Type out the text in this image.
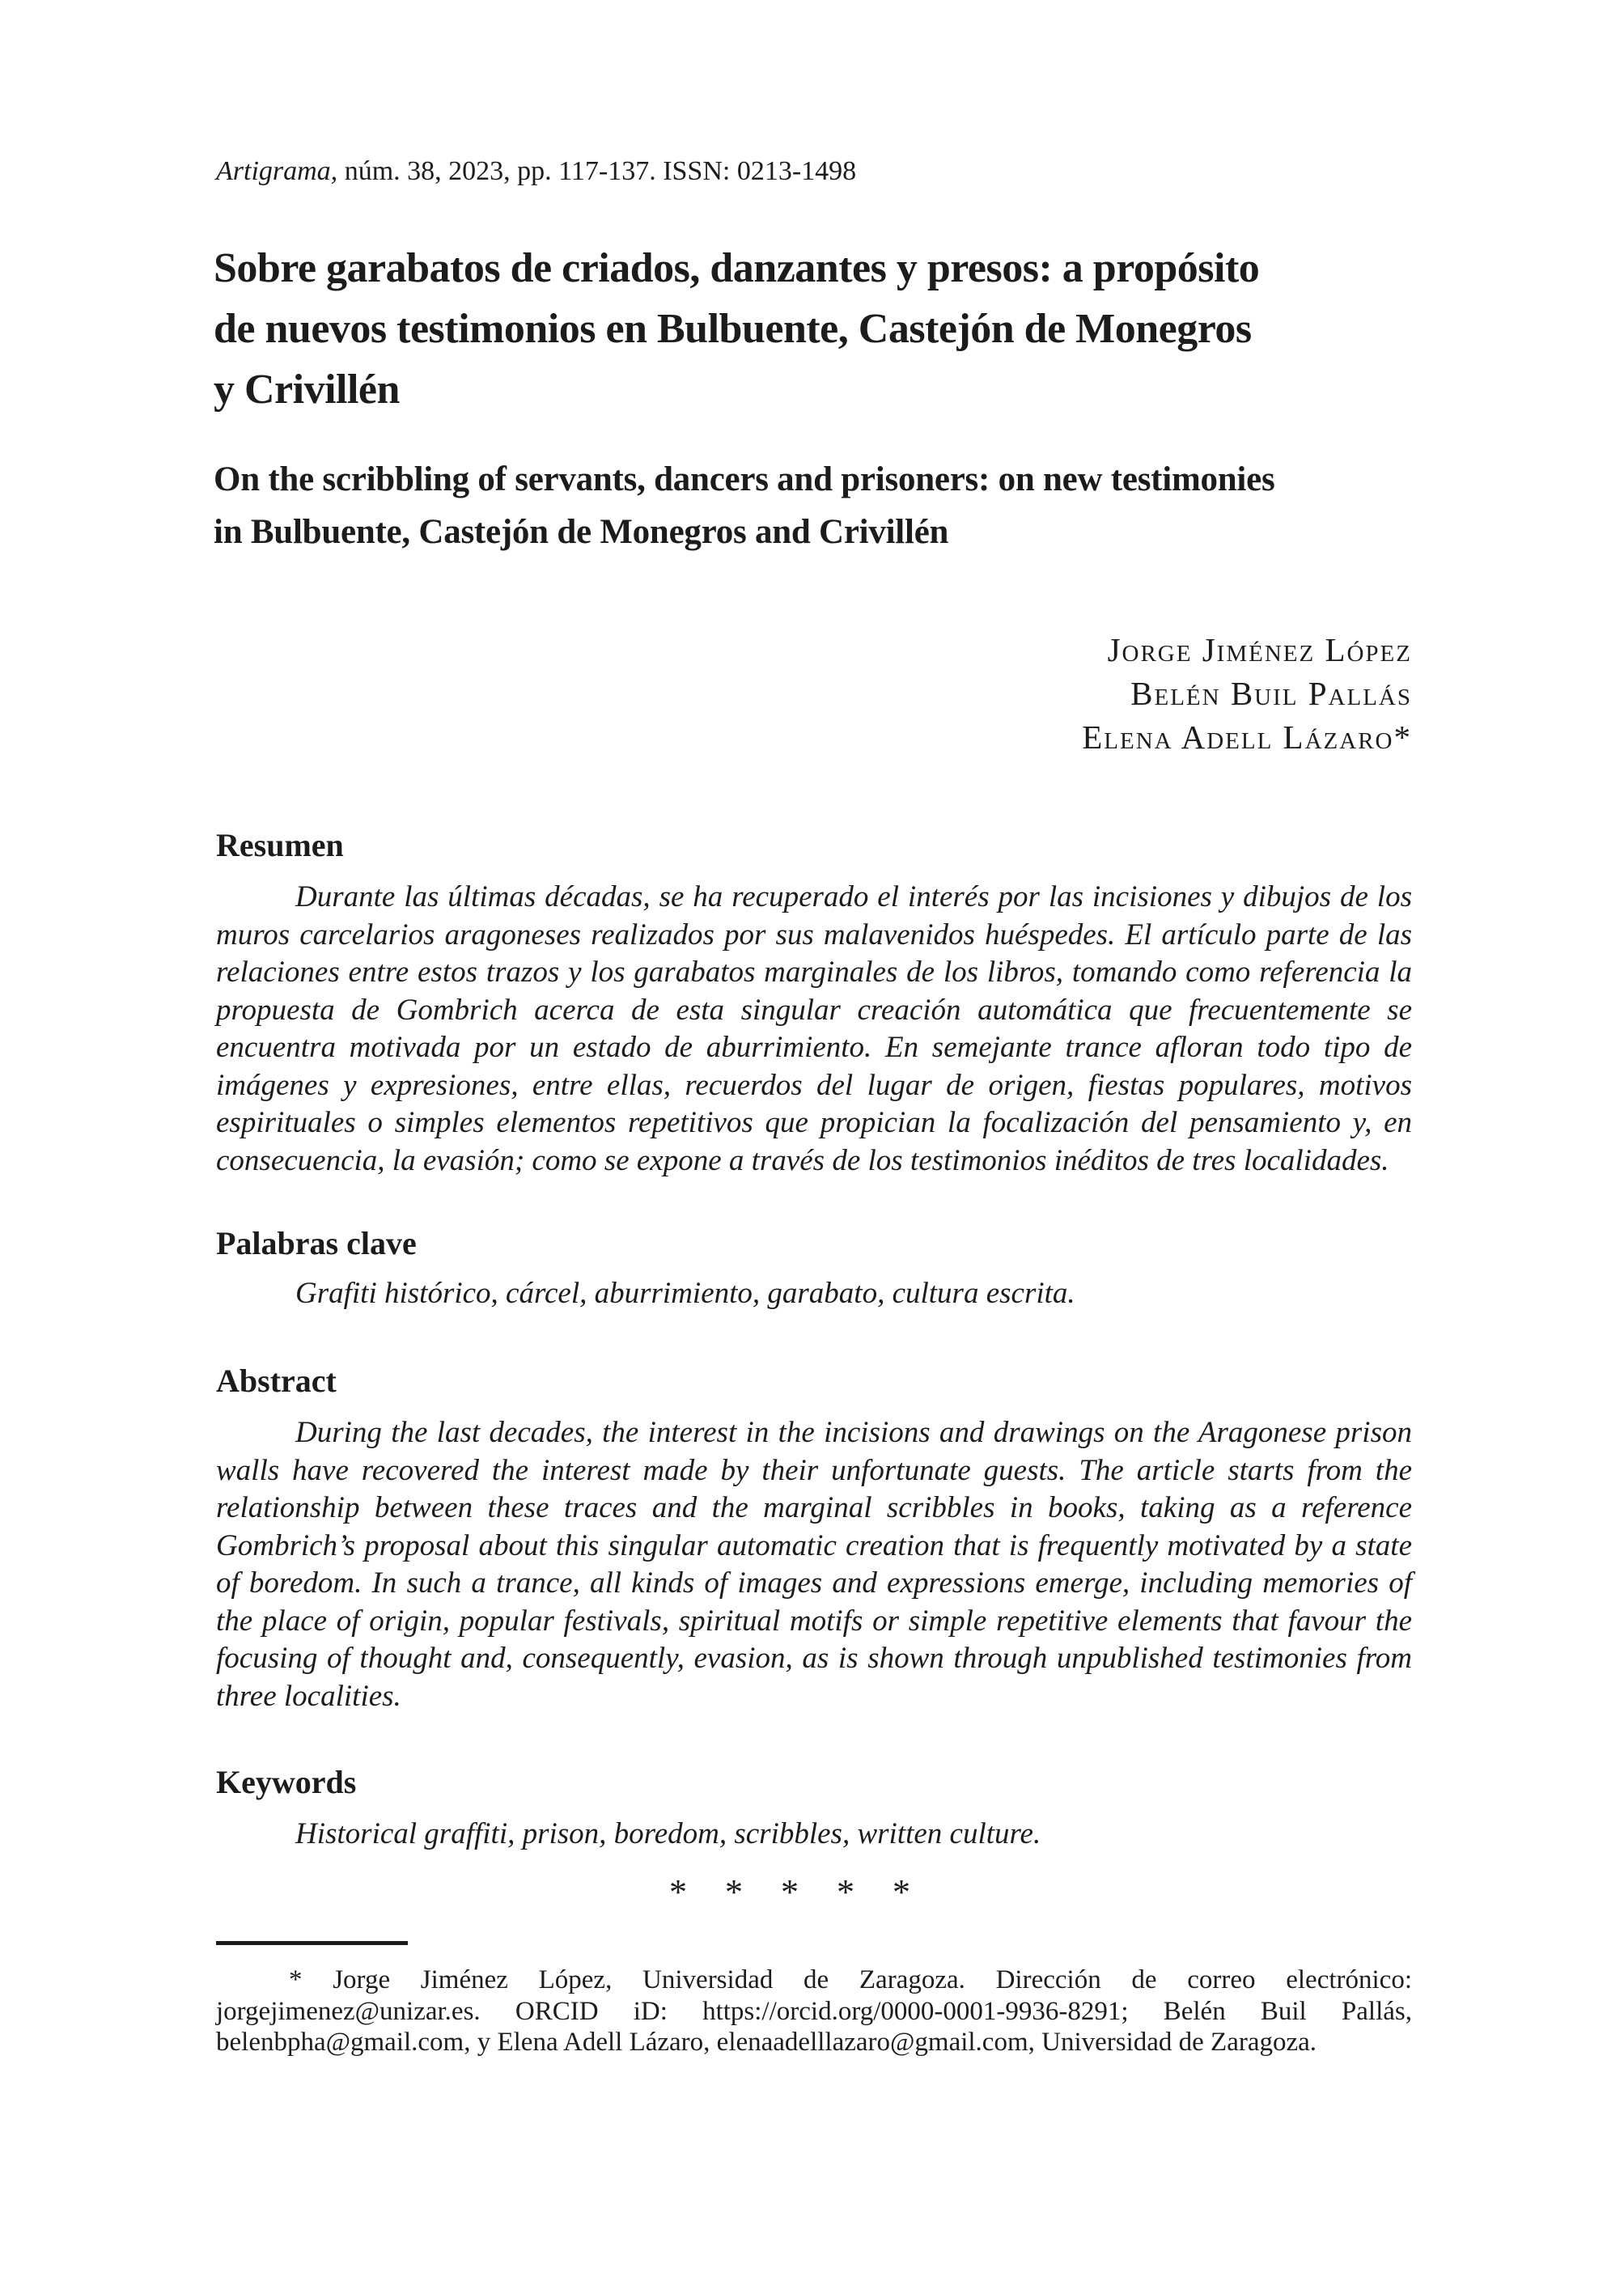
Artigrama, núm. 38, 2023, pp. 117-137. ISSN: 0213-1498
Sobre garabatos de criados, danzantes y presos: a propósito
de nuevos testimonios en Bulbuente, Castejón de Monegros
y Crivillén
On the scribbling of servants, dancers and prisoners: on new testimonies
in Bulbuente, Castejón de Monegros and Crivillén
Jorge Jiménez López
Belén Buil Pallás
Elena Adell Lázaro*
Resumen

Durante las últimas décadas, se ha recuperado el interés por las incisiones y dibujos de los muros carcelarios aragoneses realizados por sus malavenidos huéspedes. El artículo parte de las relaciones entre estos trazos y los garabatos marginales de los libros, tomando como referencia la propuesta de Gombrich acerca de esta singular creación automática que frecuentemente se encuentra motivada por un estado de aburrimiento. En semejante trance afloran todo tipo de imágenes y expresiones, entre ellas, recuerdos del lugar de origen, fiestas populares, motivos espirituales o simples elementos repetitivos que propician la focalización del pensamiento y, en consecuencia, la evasión; como se expone a través de los testimonios inéditos de tres localidades.

Palabras clave

Grafiti histórico, cárcel, aburrimiento, garabato, cultura escrita.

Abstract

During the last decades, the interest in the incisions and drawings on the Aragonese prison walls have recovered the interest made by their unfortunate guests. The article starts from the relationship between these traces and the marginal scribbles in books, taking as a reference Gombrich’s proposal about this singular automatic creation that is frequently motivated by a state of boredom. In such a trance, all kinds of images and expressions emerge, including memories of the place of origin, popular festivals, spiritual motifs or simple repetitive elements that favour the focusing of thought and, consequently, evasion, as is shown through unpublished testimonies from three localities.

Keywords

Historical graffiti, prison, boredom, scribbles, written culture.

* * * * *

* Jorge Jiménez López, Universidad de Zaragoza. Dirección de correo electrónico: jorgejimenez@unizar.es. ORCID iD: https://orcid.org/0000-0001-9936-8291; Belén Buil Pallás, belenbpha@gmail.com, y Elena Adell Lázaro, elenaadelllazaro@gmail.com, Universidad de Zaragoza.
